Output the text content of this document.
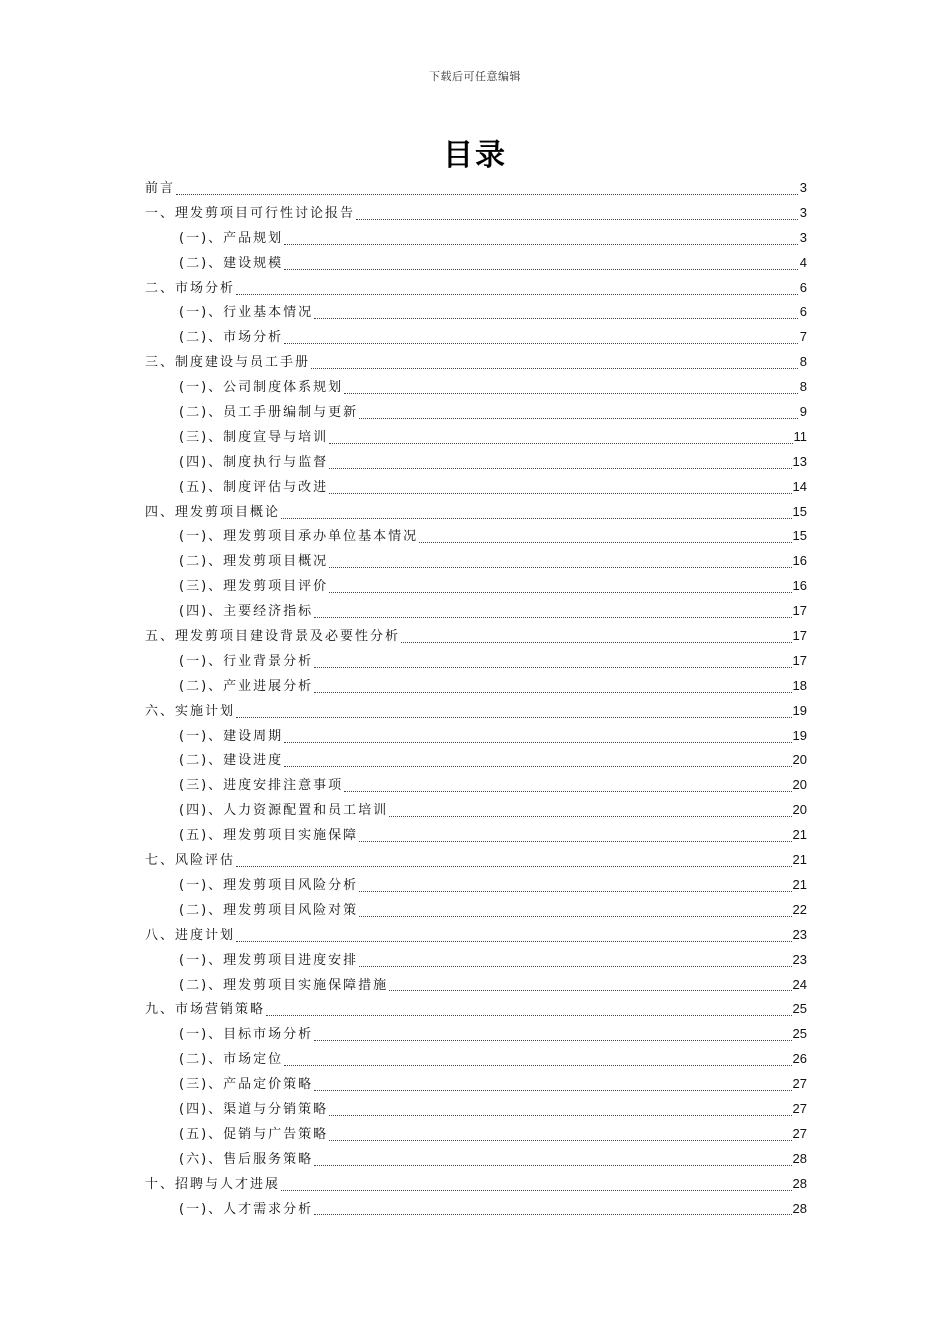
下载后可任意编辑
目录
前言	3
一、理发剪项目可行性讨论报告	3
(一)、产品规划	3
(二)、建设规模	4
二、市场分析	6
(一)、行业基本情况	6
(二)、市场分析	7
三、制度建设与员工手册	8
(一)、公司制度体系规划	8
(二)、员工手册编制与更新	9
(三)、制度宣导与培训	11
(四)、制度执行与监督	13
(五)、制度评估与改进	14
四、理发剪项目概论	15
(一)、理发剪项目承办单位基本情况	15
(二)、理发剪项目概况	16
(三)、理发剪项目评价	16
(四)、主要经济指标	17
五、理发剪项目建设背景及必要性分析	17
(一)、行业背景分析	17
(二)、产业进展分析	18
六、实施计划	19
(一)、建设周期	19
(二)、建设进度	20
(三)、进度安排注意事项	20
(四)、人力资源配置和员工培训	20
(五)、理发剪项目实施保障	21
七、风险评估	21
(一)、理发剪项目风险分析	21
(二)、理发剪项目风险对策	22
八、进度计划	23
(一)、理发剪项目进度安排	23
(二)、理发剪项目实施保障措施	24
九、市场营销策略	25
(一)、目标市场分析	25
(二)、市场定位	26
(三)、产品定价策略	27
(四)、渠道与分销策略	27
(五)、促销与广告策略	27
(六)、售后服务策略	28
十、招聘与人才进展	28
(一)、人才需求分析	28
